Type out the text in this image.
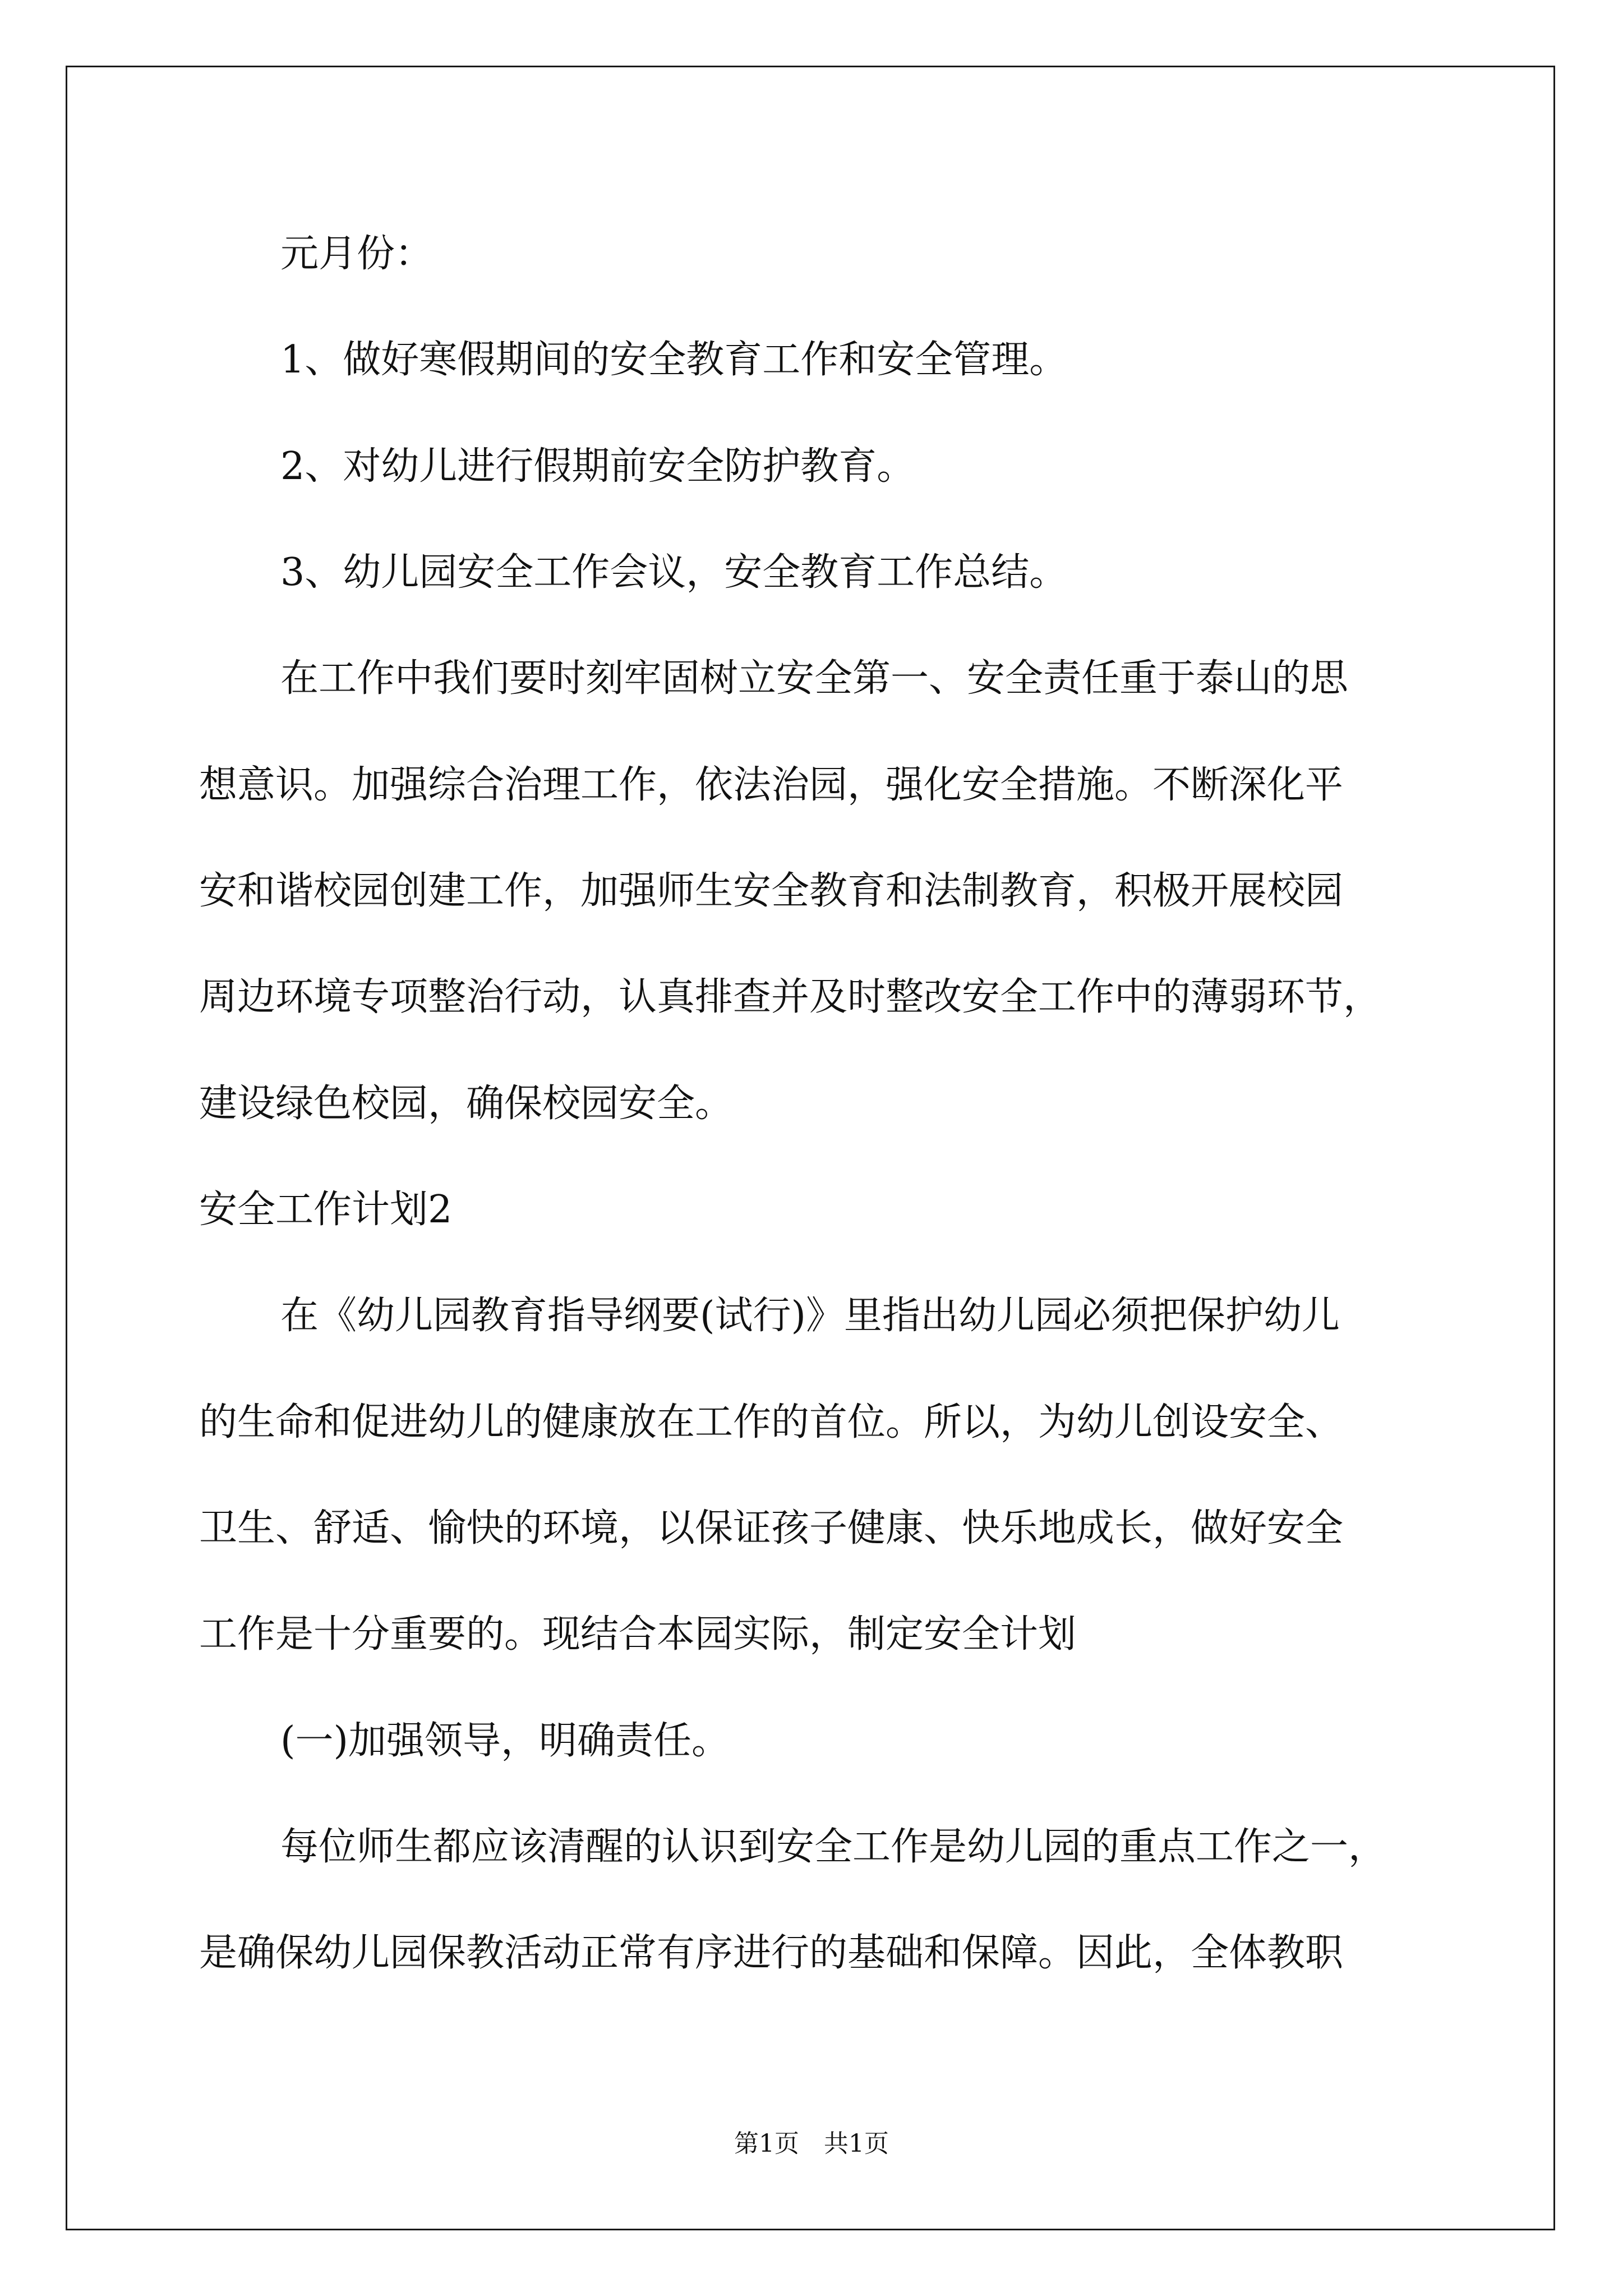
元月份：
1、做好寒假期间的安全教育工作和安全管理。
2、对幼儿进行假期前安全防护教育。
3、幼儿园安全工作会议，安全教育工作总结。
在工作中我们要时刻牢固树立安全第一、安全责任重于泰山的思
想意识。加强综合治理工作，依法治园，强化安全措施。不断深化平
安和谐校园创建工作，加强师生安全教育和法制教育，积极开展校园
周边环境专项整治行动，认真排查并及时整改安全工作中的薄弱环节，
建设绿色校园，确保校园安全。
安全工作计划2
在《幼儿园教育指导纲要(试行)》里指出幼儿园必须把保护幼儿
的生命和促进幼儿的健康放在工作的首位。所以，为幼儿创设安全、
卫生、舒适、愉快的环境，以保证孩子健康、快乐地成长，做好安全
工作是十分重要的。现结合本园实际，制定安全计划
(一)加强领导，明确责任。
每位师生都应该清醒的认识到安全工作是幼儿园的重点工作之一，
是确保幼儿园保教活动正常有序进行的基础和保障。因此，全体教职
第1页　共1页
